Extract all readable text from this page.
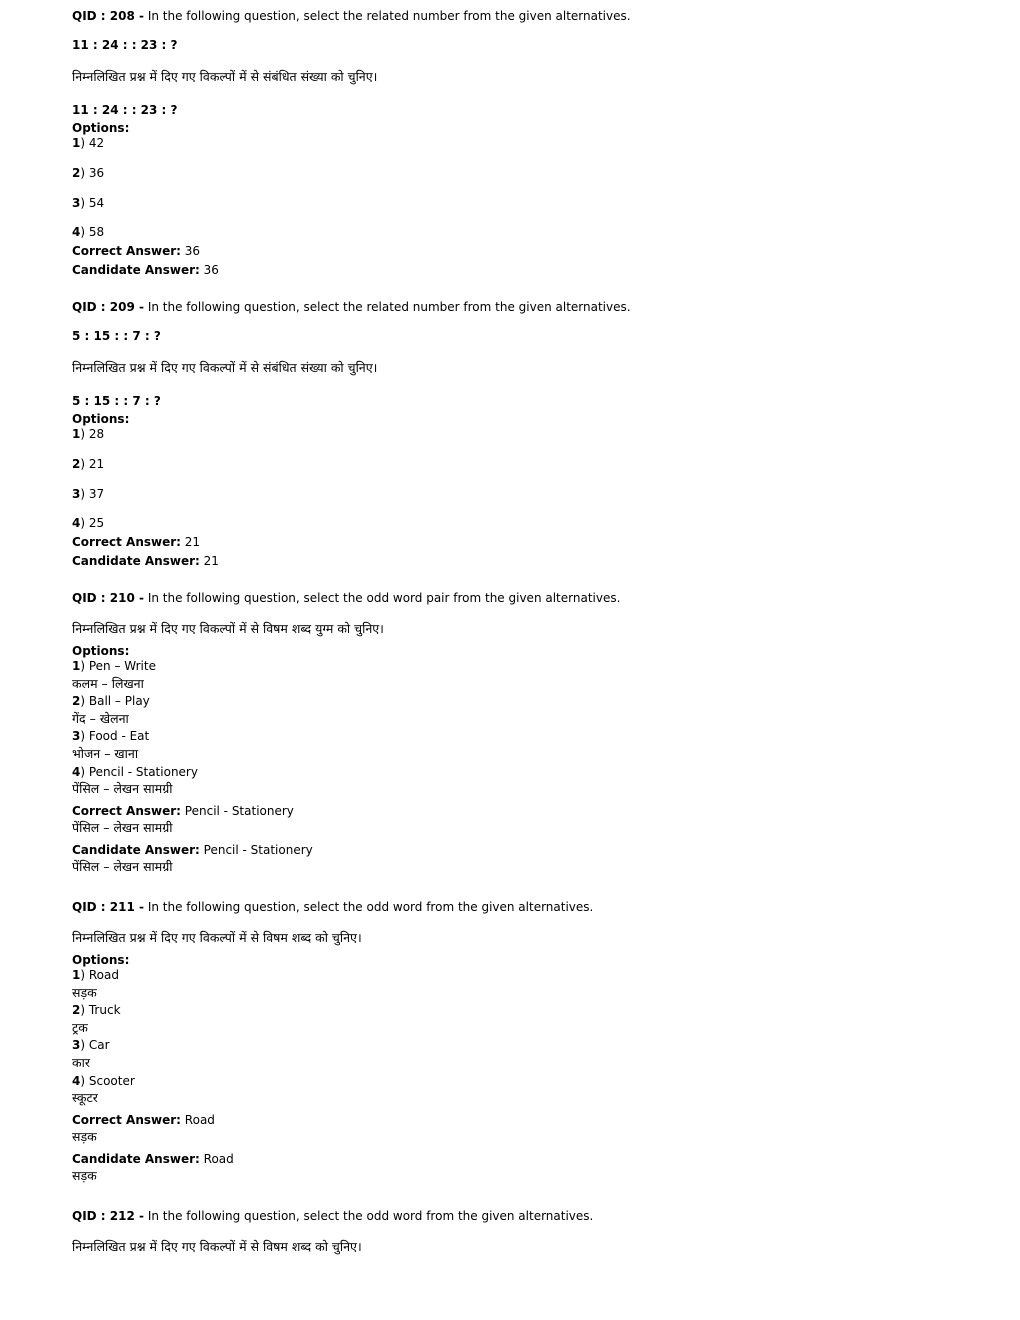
QID : 208 - In the following question, select the related number from the given alternatives.
11 : 24 : : 23 : ?
निम्नलिखित प्रश्न में दिए गए विकल्पों में से संबंधित संख्या को चुनिए।
11 : 24 : : 23 : ?
Options:
1) 42
2) 36
3) 54
4) 58
Correct Answer: 36
Candidate Answer: 36
QID : 209 - In the following question, select the related number from the given alternatives.
5 : 15 : : 7 : ?
निम्नलिखित प्रश्न में दिए गए विकल्पों में से संबंधित संख्या को चुनिए।
5 : 15 : : 7 : ?
Options:
1) 28
2) 21
3) 37
4) 25
Correct Answer: 21
Candidate Answer: 21
QID : 210 - In the following question, select the odd word pair from the given alternatives.
निम्नलिखित प्रश्न में दिए गए विकल्पों में से विषम शब्द युग्म को चुनिए।
Options:
1) Pen – Write
कलम – लिखना
2) Ball – Play
गेंद – खेलना
3) Food - Eat
भोजन – खाना
4) Pencil - Stationery
पेंसिल – लेखन सामग्री
Correct Answer: Pencil - Stationery
पेंसिल – लेखन सामग्री
Candidate Answer: Pencil - Stationery
पेंसिल – लेखन सामग्री
QID : 211 - In the following question, select the odd word from the given alternatives.
निम्नलिखित प्रश्न में दिए गए विकल्पों में से विषम शब्द को चुनिए।
Options:
1) Road
सड़क
2) Truck
ट्रक
3) Car
कार
4) Scooter
स्कूटर
Correct Answer: Road
सड़क
Candidate Answer: Road
सड़क
QID : 212 - In the following question, select the odd word from the given alternatives.
निम्नलिखित प्रश्न में दिए गए विकल्पों में से विषम शब्द को चुनिए।
